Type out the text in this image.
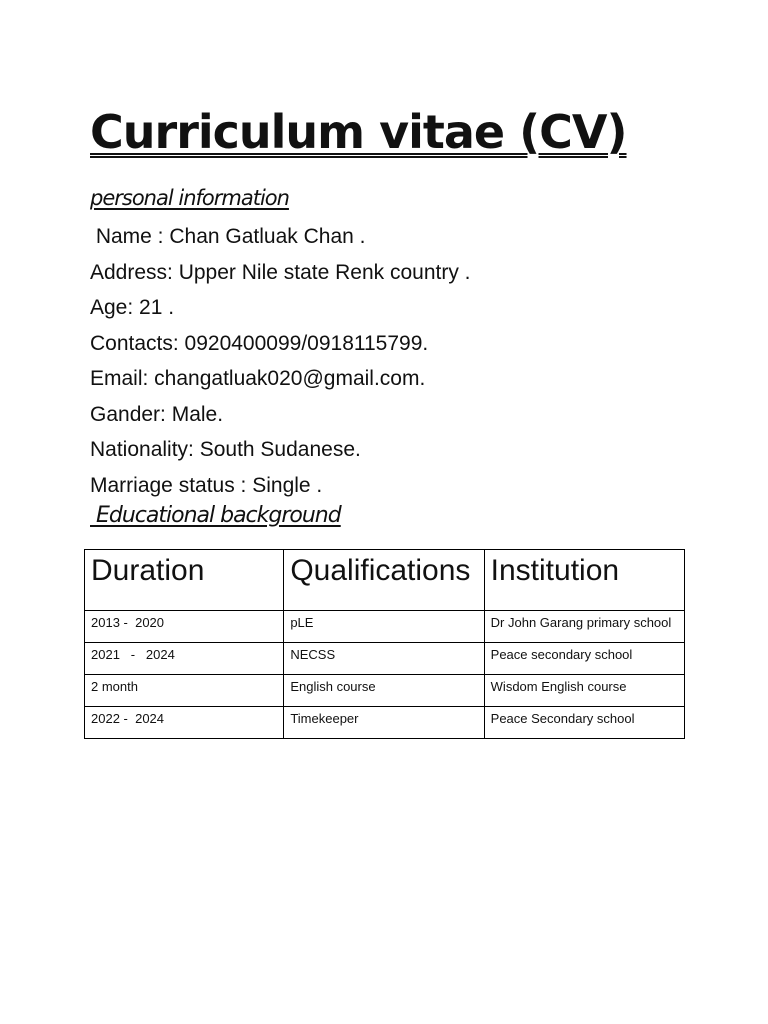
Curriculum vitae (CV)
personal information
Name : Chan Gatluak Chan .
Address: Upper Nile state Renk country .
Age: 21 .
Contacts: 0920400099/0918115799.
Email: changatluak020@gmail.com.
Gander: Male.
Nationality: South Sudanese.
Marriage status : Single .
Educational background
Duration	Qualifications	Institution
2013 -  2020	pLE	Dr John Garang primary school
2021   -   2024	NECSS	Peace secondary school
2 month	English course	Wisdom English course
2022 -  2024	Timekeeper	Peace Secondary school
